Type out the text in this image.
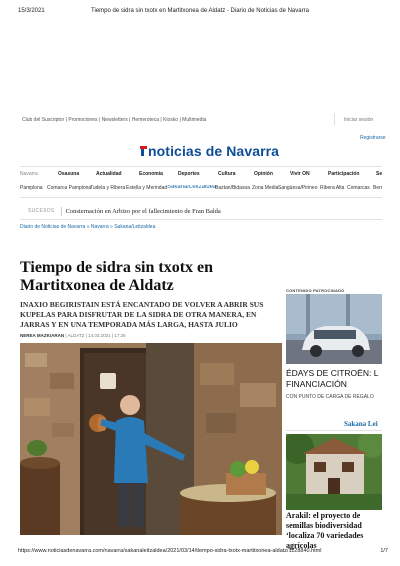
15/3/2021	Tiempo de sidra sin txotx en Martitxonea de Aldatz - Diario de Noticias de Navarra
Club del Suscriptor | Promociones | Newsletters | Hemeroteca | Kiosko | Multimedia	Iniciar sesión
Registrarse
noticias de Navarra
Navarra	Osasuna	Actualidad	Economía	Deportes	Cultura	Opinión	Vivir ON	Participación	Se
Pamplona Comarca Pamplona
Tudela y Ribera Estella y Merindad Sakana/Leitzaldea
Baztan/Bidasoa Zona Media Sangüesa/Pirineo Ribera Alta Comarcas Berr
SUCESOS Consternación en Arbizo por el fallecimiento de Fran Balda
Diario de Noticias de Navarra » Navarra » Sakana/Leitzaldea
Tiempo de sidra sin txotx en Martitxonea de Aldatz
INAXIO BEGIRISTAIN ESTÁ ENCANTADO DE VOLVER A ABRIR SUS KUPELAS PARA DISFRUTAR DE LA SIDRA DE OTRA MANERA, EN JARRAS Y EN UNA TEMPORADA MÁS LARGA, HASTA JULIO
NEREA MAZKIARAN | ALDATZ | 14.03.2021 | 17:26
CONTENIDO PATROCINADO
ÉDAYS DE CITROËN: L FINANCIACIÓN
CON PUNTO DE CARGA DE REGALO
Sakana Lei
Arakil: el proyecto de semillas biodiversidad ‘localiza 70 variedades agrícolas
https://www.noticiasdenavarra.com/navarra/sakanaleitzaldea/2021/03/14/tiempo-sidra-txotx-martitxonea-aldatz/1128840.html	1/7
